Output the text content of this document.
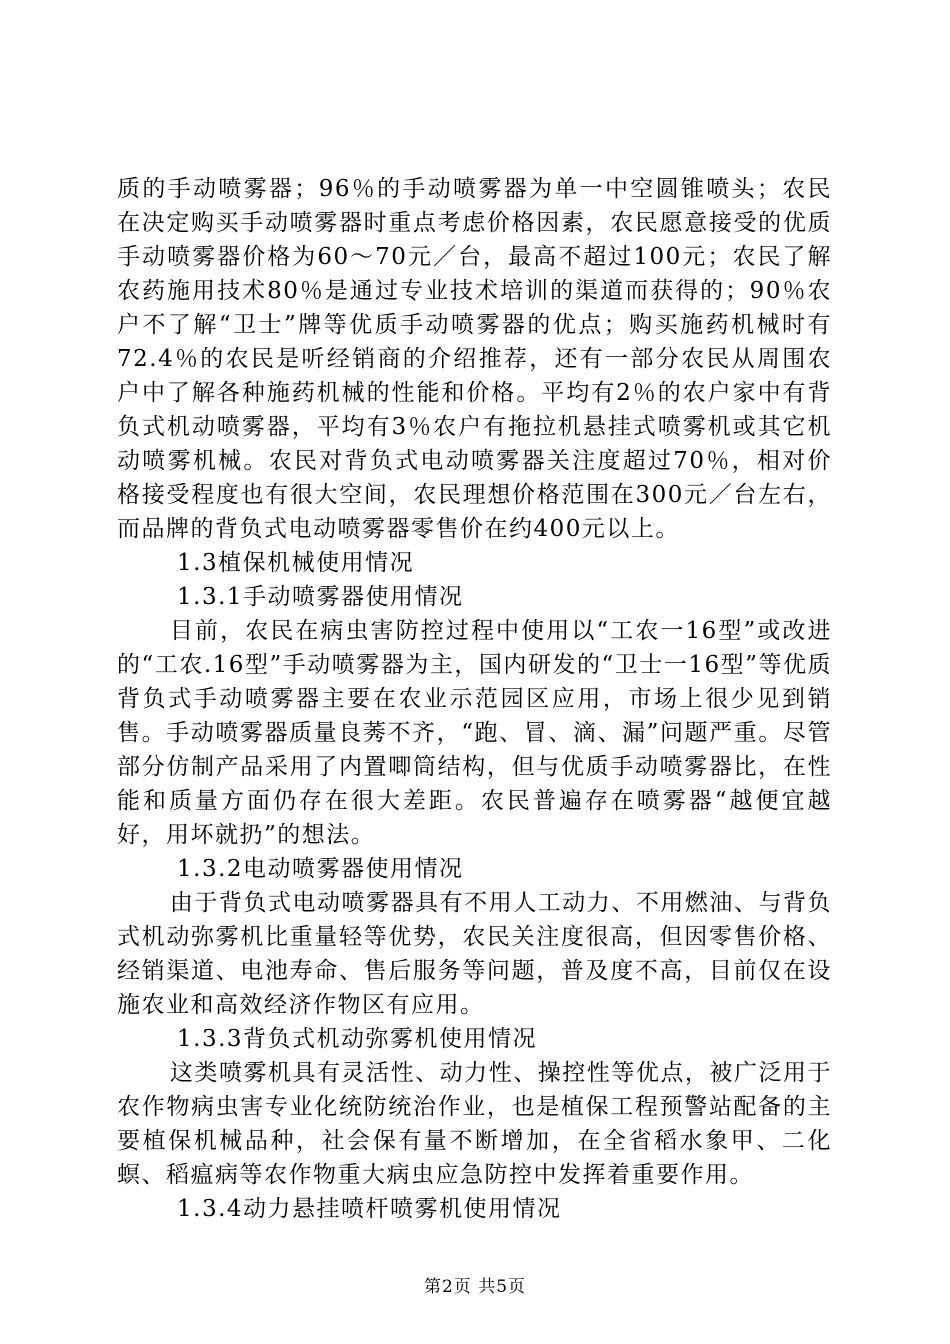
质的手动喷雾器；96％的手动喷雾器为单一中空圆锥喷头；农民在决定购买手动喷雾器时重点考虑价格因素，农民愿意接受的优质手动喷雾器价格为60～70元／台，最高不超过100元；农民了解农药施用技术80％是通过专业技术培训的渠道而获得的；90％农户不了解“卫士”牌等优质手动喷雾器的优点；购买施药机械时有72.4％的农民是听经销商的介绍推荐，还有一部分农民从周围农户中了解各种施药机械的性能和价格。平均有2％的农户家中有背负式机动喷雾器，平均有3％农户有拖拉机悬挂式喷雾机或其它机动喷雾机械。农民对背负式电动喷雾器关注度超过70％，相对价格接受程度也有很大空间，农民理想价格范围在300元／台左右，而品牌的背负式电动喷雾器零售价在约400元以上。

1.3植保机械使用情况

1.3.1手动喷雾器使用情况

目前，农民在病虫害防控过程中使用以“工农一16型”或改进的“工农.16型”手动喷雾器为主，国内研发的“卫士一16型”等优质背负式手动喷雾器主要在农业示范园区应用，市场上很少见到销售。手动喷雾器质量良莠不齐，“跑、冒、滴、漏”问题严重。尽管部分仿制产品采用了内置唧筒结构，但与优质手动喷雾器比，在性能和质量方面仍存在很大差距。农民普遍存在喷雾器“越便宜越好，用坏就扔”的想法。

1.3.2电动喷雾器使用情况

由于背负式电动喷雾器具有不用人工动力、不用燃油、与背负式机动弥雾机比重量轻等优势，农民关注度很高，但因零售价格、经销渠道、电池寿命、售后服务等问题，普及度不高，目前仅在设施农业和高效经济作物区有应用。

1.3.3背负式机动弥雾机使用情况

这类喷雾机具有灵活性、动力性、操控性等优点，被广泛用于农作物病虫害专业化统防统治作业，也是植保工程预警站配备的主要植保机械品种，社会保有量不断增加，在全省稻水象甲、二化螟、稻瘟病等农作物重大病虫应急防控中发挥着重要作用。

1.3.4动力悬挂喷杆喷雾机使用情况

第2页 共5页
